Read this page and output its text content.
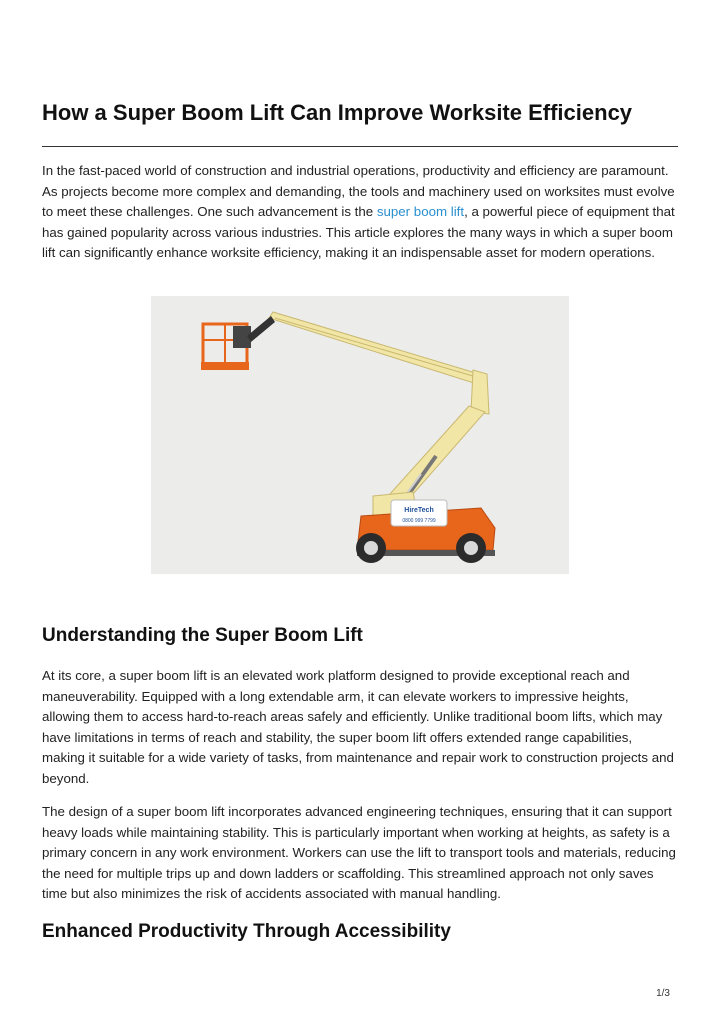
How a Super Boom Lift Can Improve Worksite Efficiency

In the fast-paced world of construction and industrial operations, productivity and efficiency are paramount. As projects become more complex and demanding, the tools and machinery used on worksites must evolve to meet these challenges. One such advancement is the super boom lift, a powerful piece of equipment that has gained popularity across various industries. This article explores the many ways in which a super boom lift can significantly enhance worksite efficiency, making it an indispensable asset for modern operations.

HireTech
0800 999 7799
Understanding the Super Boom Lift

At its core, a super boom lift is an elevated work platform designed to provide exceptional reach and maneuverability. Equipped with a long extendable arm, it can elevate workers to impressive heights, allowing them to access hard-to-reach areas safely and efficiently. Unlike traditional boom lifts, which may have limitations in terms of reach and stability, the super boom lift offers extended range capabilities, making it suitable for a wide variety of tasks, from maintenance and repair work to construction projects and beyond.

The design of a super boom lift incorporates advanced engineering techniques, ensuring that it can support heavy loads while maintaining stability. This is particularly important when working at heights, as safety is a primary concern in any work environment. Workers can use the lift to transport tools and materials, reducing the need for multiple trips up and down ladders or scaffolding. This streamlined approach not only saves time but also minimizes the risk of accidents associated with manual handling.

Enhanced Productivity Through Accessibility
1/3
